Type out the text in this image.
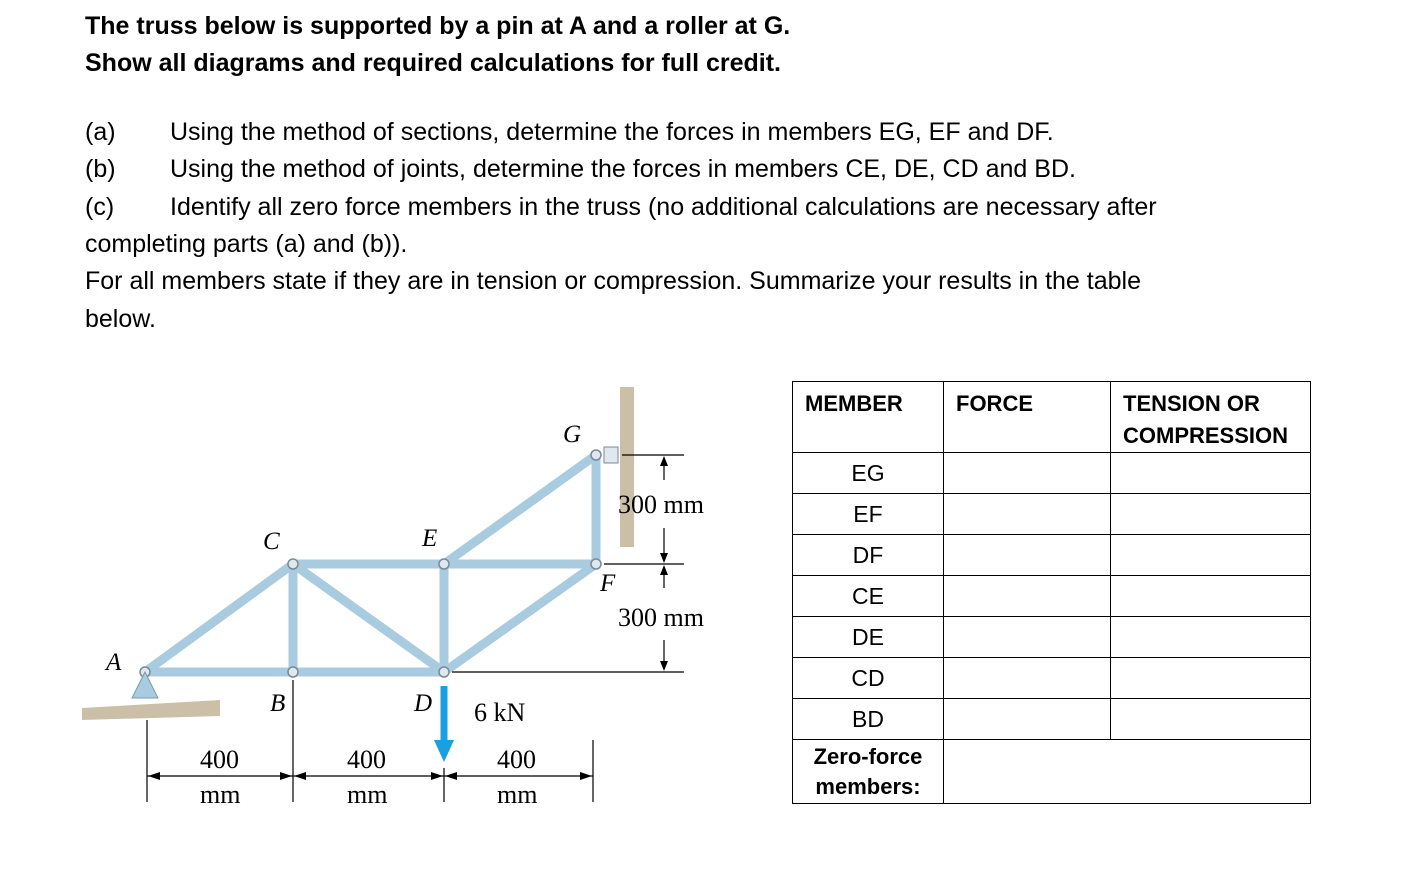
The truss below is supported by a pin at A and a roller at G.
Show all diagrams and required calculations for full credit.
(a) Using the method of sections, determine the forces in members EG, EF and DF.
(b) Using the method of joints, determine the forces in members CE, DE, CD and BD.
(c) Identify all zero force members in the truss (no additional calculations are necessary after
completing parts (a) and (b)).
For all members state if they are in tension or compression. Summarize your results in the table
below.
A
B
C
D
E
F
G
6 kN
300 mm
300 mm
400
mm
400
mm
400
mm
MEMBER	FORCE	TENSION OR COMPRESSION
EG		
EF		
DF		
CE		
DE		
CD		
BD		
Zero-force members:		
